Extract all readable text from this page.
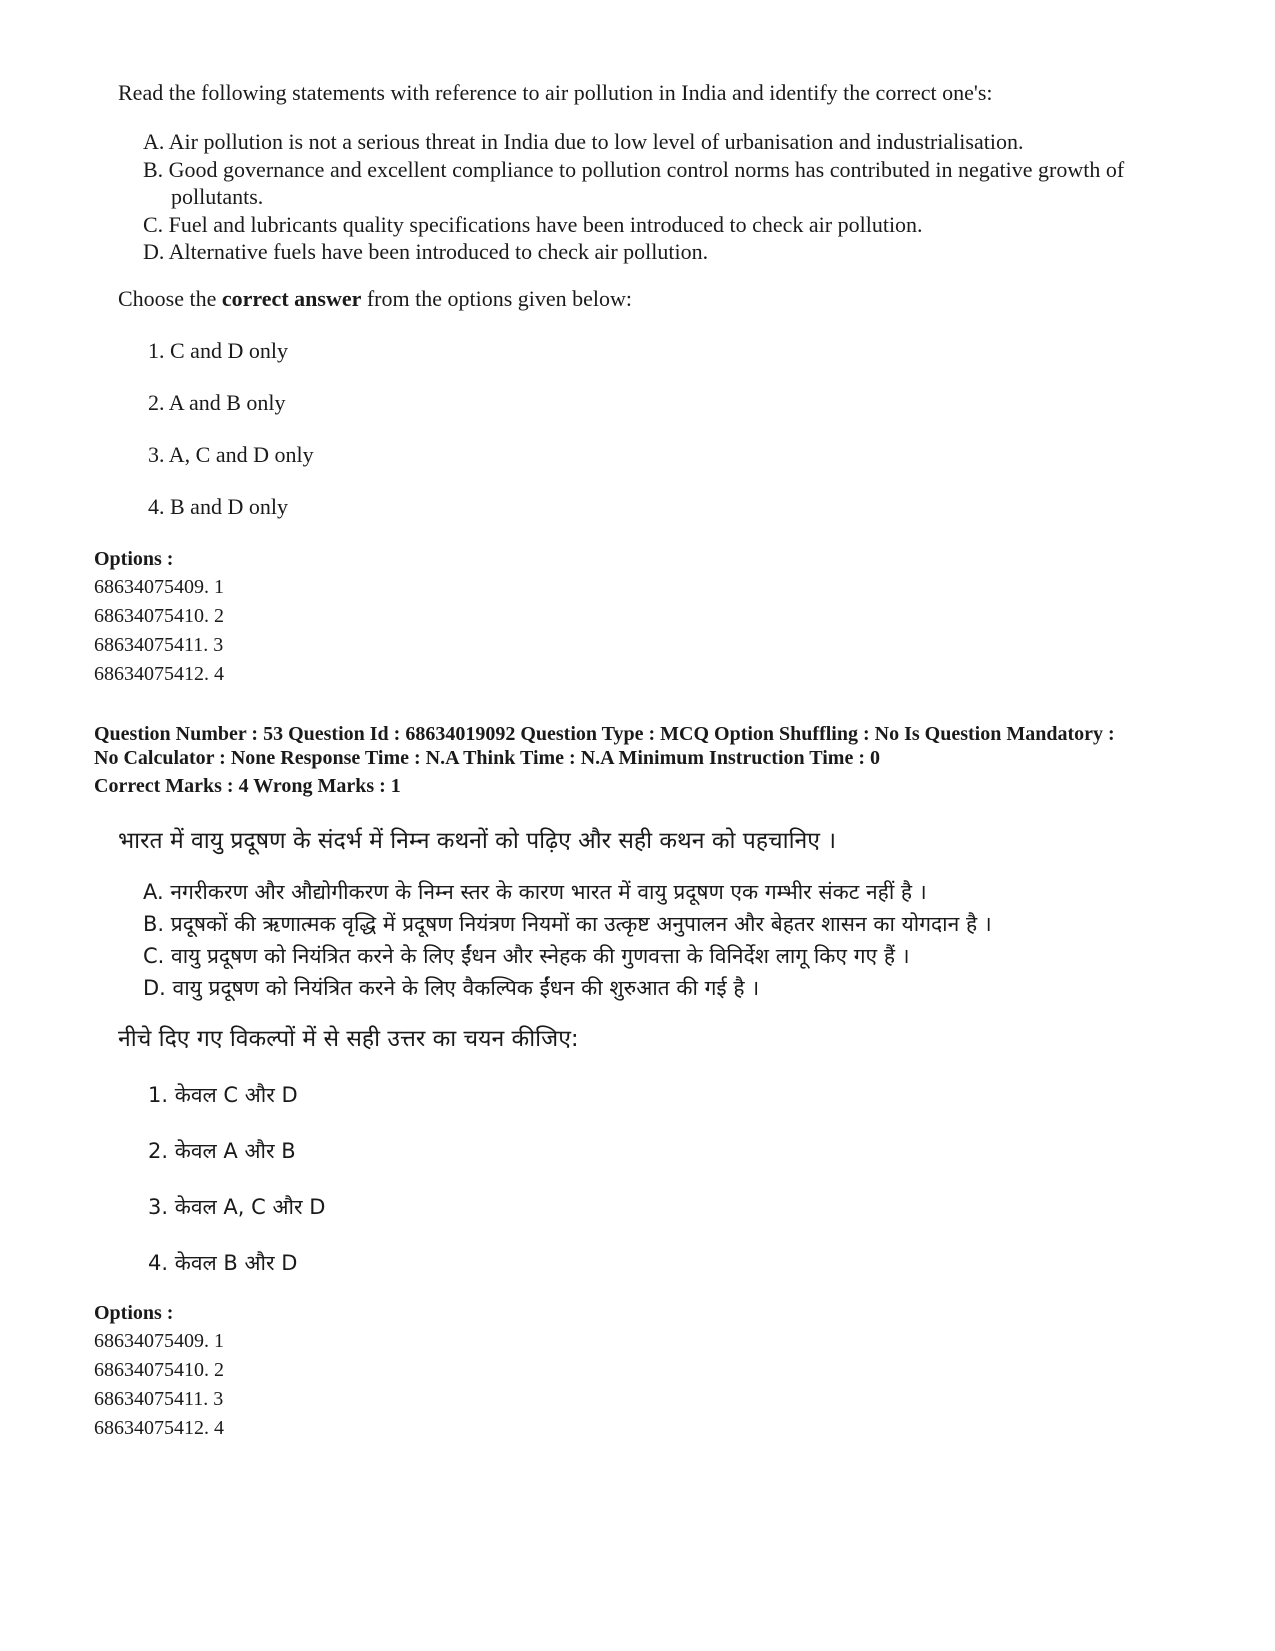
Read the following statements with reference to air pollution in India and identify the correct one's:
A. Air pollution is not a serious threat in India due to low level of urbanisation and industrialisation.
B. Good governance and excellent compliance to pollution control norms has contributed in negative growth of pollutants.
C. Fuel and lubricants quality specifications have been introduced to check air pollution.
D. Alternative fuels have been introduced to check air pollution.
Choose the correct answer from the options given below:
1. C and D only
2. A and B only
3. A, C and D only
4. B and D only
Options :
68634075409. 1
68634075410. 2
68634075411. 3
68634075412. 4
Question Number : 53 Question Id : 68634019092 Question Type : MCQ Option Shuffling : No Is Question Mandatory :
No Calculator : None Response Time : N.A Think Time : N.A Minimum Instruction Time : 0
Correct Marks : 4 Wrong Marks : 1
भारत में वायु प्रदूषण के संदर्भ में निम्न कथनों को पढ़िए और सही कथन को पहचानिए ।
A. नगरीकरण और औद्योगीकरण के निम्न स्तर के कारण भारत में वायु प्रदूषण एक गम्भीर संकट नहीं है ।
B. प्रदूषकों की ऋणात्मक वृद्धि में प्रदूषण नियंत्रण नियमों का उत्कृष्ट अनुपालन और बेहतर शासन का योगदान है ।
C. वायु प्रदूषण को नियंत्रित करने के लिए ईंधन और स्नेहक की गुणवत्ता के विनिर्देश लागू किए गए हैं ।
D. वायु प्रदूषण को नियंत्रित करने के लिए वैकल्पिक ईंधन की शुरुआत की गई है ।
नीचे दिए गए विकल्पों में से सही उत्तर का चयन कीजिए:
1. केवल C और D
2. केवल A और B
3. केवल A, C और D
4. केवल B और D
Options :
68634075409. 1
68634075410. 2
68634075411. 3
68634075412. 4
